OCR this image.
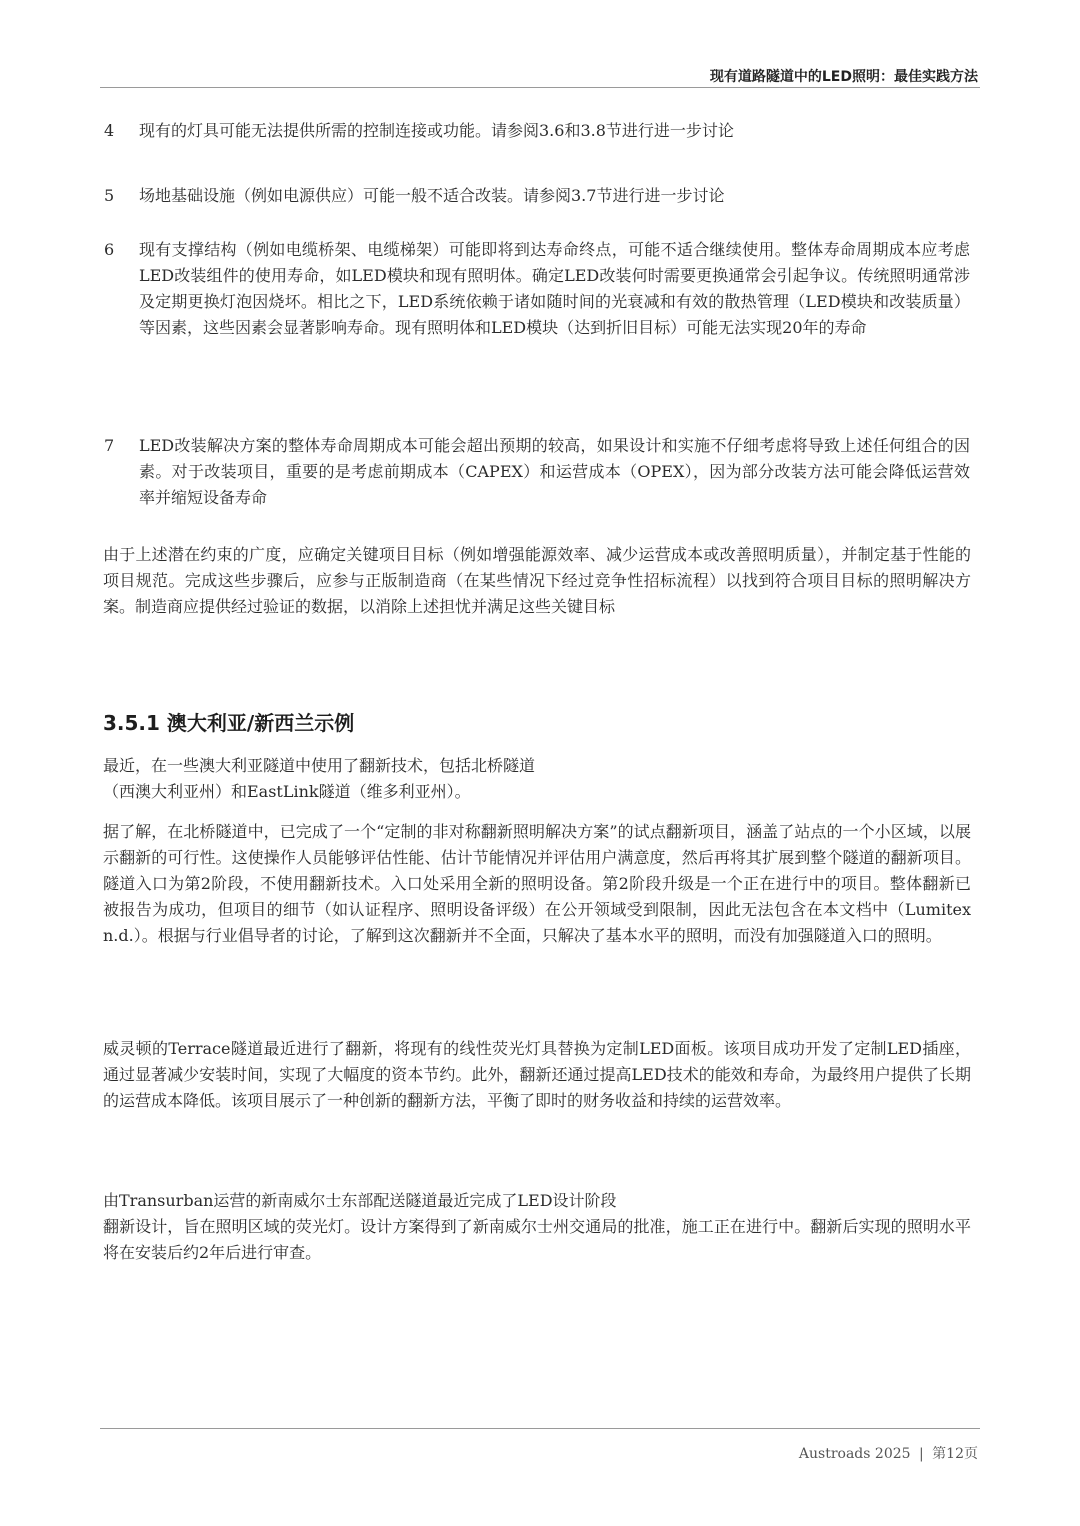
现有道路隧道中的LED照明：最佳实践方法
4	现有的灯具可能无法提供所需的控制连接或功能。请参阅3.6和3.8节进行进一步讨论
5	场地基础设施（例如电源供应）可能一般不适合改装。请参阅3.7节进行进一步讨论
6	现有支撑结构（例如电缆桥架、电缆梯架）可能即将到达寿命终点，可能不适合继续使用。整体寿命周期成本应考虑LED改装组件的使用寿命，如LED模块和现有照明体。确定LED改装何时需要更换通常会引起争议。传统照明通常涉及定期更换灯泡因烧坏。相比之下，LED系统依赖于诸如随时间的光衰减和有效的散热管理（LED模块和改装质量）等因素，这些因素会显著影响寿命。现有照明体和LED模块（达到折旧目标）可能无法实现20年的寿命
7	LED改装解决方案的整体寿命周期成本可能会超出预期的较高，如果设计和实施不仔细考虑将导致上述任何组合的因素。对于改装项目，重要的是考虑前期成本（CAPEX）和运营成本（OPEX），因为部分改装方法可能会降低运营效率并缩短设备寿命

由于上述潜在约束的广度，应确定关键项目目标（例如增强能源效率、减少运营成本或改善照明质量），并制定基于性能的项目规范。完成这些步骤后，应参与正版制造商（在某些情况下经过竞争性招标流程）以找到符合项目目标的照明解决方案。制造商应提供经过验证的数据，以消除上述担忧并满足这些关键目标

3.5.1 澳大利亚/新西兰示例

最近，在一些澳大利亚隧道中使用了翻新技术，包括北桥隧道
（西澳大利亚州）和EastLink隧道（维多利亚州）。

据了解，在北桥隧道中，已完成了一个“定制的非对称翻新照明解决方案”的试点翻新项目，涵盖了站点的一个小区域，以展示翻新的可行性。这使操作人员能够评估性能、估计节能情况并评估用户满意度，然后再将其扩展到整个隧道的翻新项目。隧道入口为第2阶段，不使用翻新技术。入口处采用全新的照明设备。第2阶段升级是一个正在进行中的项目。整体翻新已被报告为成功，但项目的细节（如认证程序、照明设备评级）在公开领域受到限制，因此无法包含在本文档中（Lumitex n.d.）。根据与行业倡导者的讨论，了解到这次翻新并不全面，只解决了基本水平的照明，而没有加强隧道入口的照明。

威灵顿的Terrace隧道最近进行了翻新，将现有的线性荧光灯具替换为定制LED面板。该项目成功开发了定制LED插座，通过显著减少安装时间，实现了大幅度的资本节约。此外，翻新还通过提高LED技术的能效和寿命，为最终用户提供了长期的运营成本降低。该项目展示了一种创新的翻新方法，平衡了即时的财务收益和持续的运营效率。

由Transurban运营的新南威尔士东部配送隧道最近完成了LED设计阶段
翻新设计，旨在照明区域的荧光灯。设计方案得到了新南威尔士州交通局的批准，施工正在进行中。翻新后实现的照明水平将在安装后约2年后进行审查。

Austroads 2025 | 第12页
